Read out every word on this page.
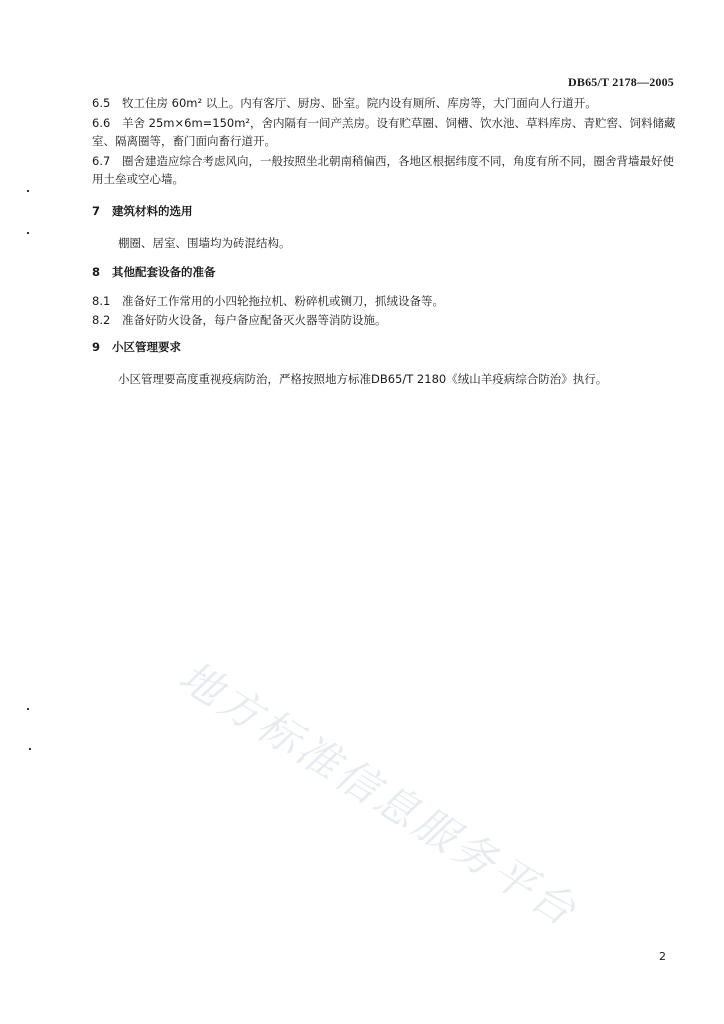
DB65/T 2178—2005
6.5 牧工住房 60m² 以上。内有客厅、厨房、卧室。院内设有厕所、库房等，大门面向人行道开。
6.6 羊舍 25m×6m=150m²，舍内隔有一间产羔房。设有贮草圈、饲槽、饮水池、草料库房、青贮窖、饲料储藏室、隔离圈等，畜门面向畜行道开。
6.7 圈舍建造应综合考虑风向，一般按照坐北朝南稍偏西，各地区根据纬度不同，角度有所不同，圈舍背墙最好使用土垒或空心墙。
7 建筑材料的选用
棚圈、居室、围墙均为砖混结构。
8 其他配套设备的准备
8.1 准备好工作常用的小四轮拖拉机、粉碎机或铡刀，抓绒设备等。
8.2 准备好防火设备，每户备应配备灭火器等消防设施。
9 小区管理要求
小区管理要高度重视疫病防治，严格按照地方标准DB65/T 2180《绒山羊疫病综合防治》执行。
地方标准信息服务平台
2
